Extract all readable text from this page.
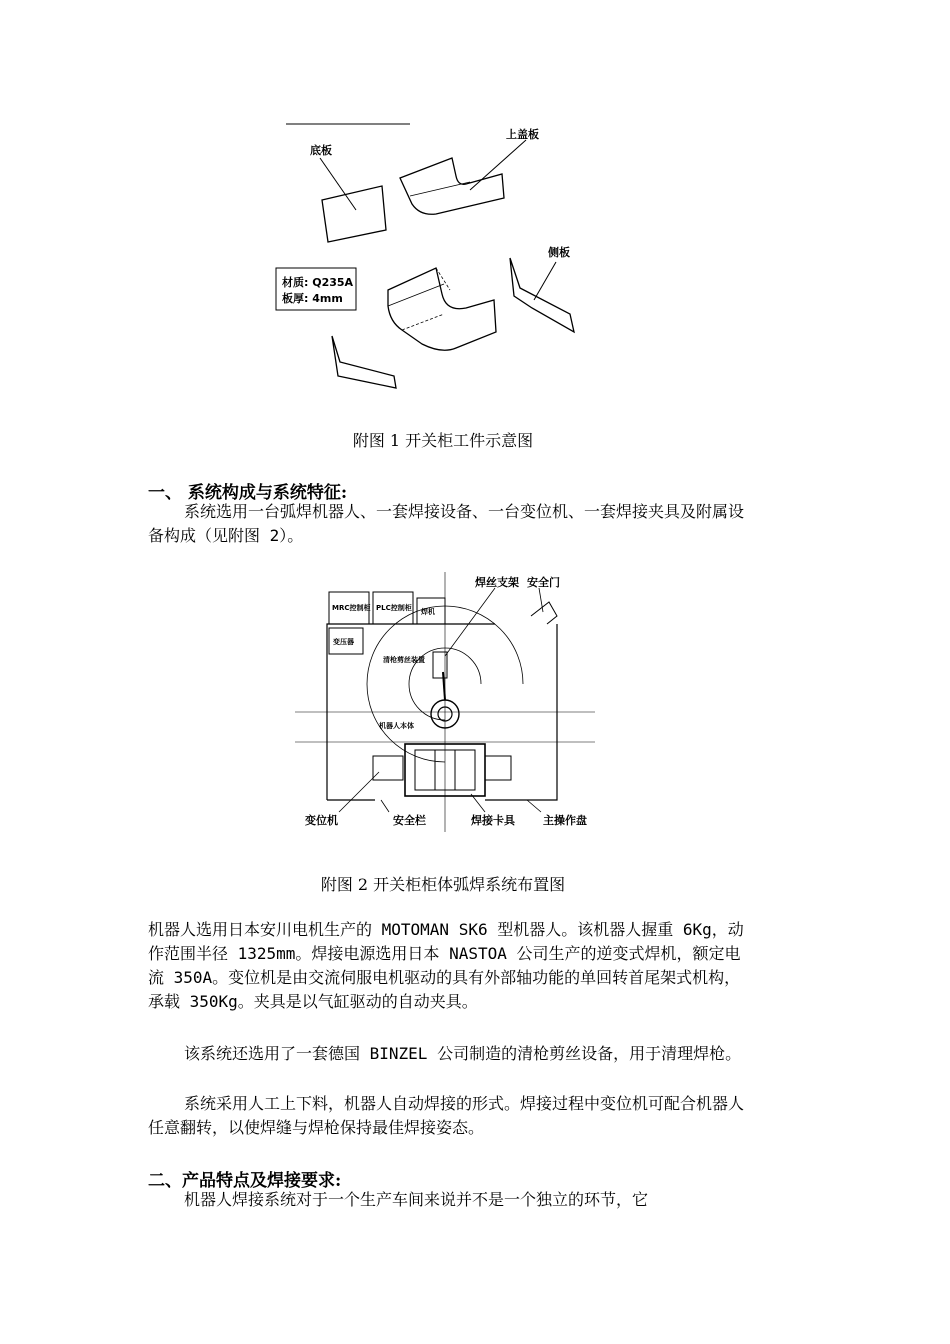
底板
上盖板
材质: Q235A
板厚: 4mm
侧板
附图 1 开关柜工件示意图
一、 系统构成与系统特征:
系统选用一台弧焊机器人、一套焊接设备、一台变位机、一套焊接夹具及附属设备构成（见附图 2）。
MRC控制柜 PLC控制柜 焊机
变压器
清枪剪丝装置
机器人本体
焊丝支架 安全门
变位机	安全栏	焊接卡具	主操作盘
附图 2 开关柜柜体弧焊系统布置图
机器人选用日本安川电机生产的 MOTOMAN SK6 型机器人。该机器人握重 6Kg，动作范围半径 1325mm。焊接电源选用日本 NASTOA 公司生产的逆变式焊机，额定电流 350A。变位机是由交流伺服电机驱动的具有外部轴功能的单回转首尾架式机构，承载 350Kg。夹具是以气缸驱动的自动夹具。
该系统还选用了一套德国 BINZEL 公司制造的清枪剪丝设备，用于清理焊枪。
系统采用人工上下料，机器人自动焊接的形式。焊接过程中变位机可配合机器人任意翻转，以使焊缝与焊枪保持最佳焊接姿态。
二、产品特点及焊接要求:
机器人焊接系统对于一个生产车间来说并不是一个独立的环节，它
